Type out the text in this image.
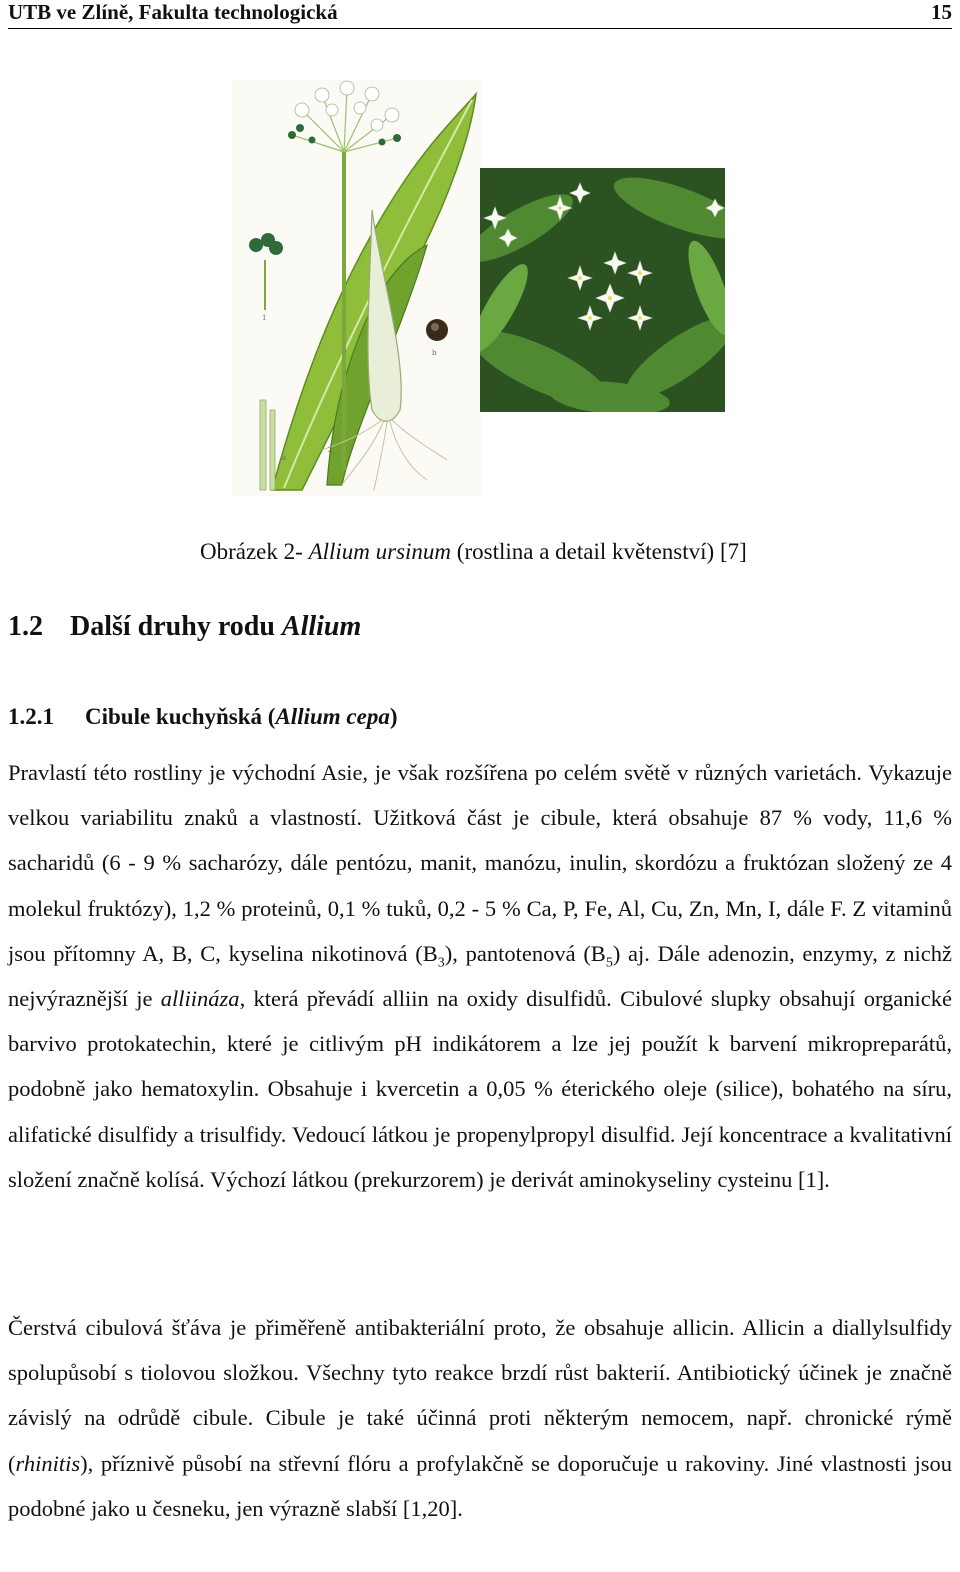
UTB ve Zlíně, Fakulta technologická	15
1
b
a
2
Obrázek 2- Allium ursinum (rostlina a detail květenství) [7]
1.2 Další druhy rodu Allium
1.2.1 Cibule kuchyňská (Allium cepa)
Pravlastí této rostliny je východní Asie, je však rozšířena po celém světě v různých varietách. Vykazuje velkou variabilitu znaků a vlastností. Užitková část je cibule, která obsahuje 87 % vody, 11,6 % sacharidů (6 - 9 % sacharózy, dále pentózu, manit, manózu, inulin, skordózu a fruktózan složený ze 4 molekul fruktózy), 1,2 % proteinů, 0,1 % tuků, 0,2 - 5 % Ca, P, Fe, Al, Cu, Zn, Mn, I, dále F. Z vitaminů jsou přítomny A, B, C, kyselina nikotinová $(B_3)$, pantotenová $(B_5)$ aj. Dále adenozin, enzymy, z nichž nejvýraznější je alliináza, která převádí alliin na oxidy disulfidů. Cibulové slupky obsahují organické barvivo protokatechin, které je citlivým pH indikátorem a lze jej použít k barvení mikropreparátů, podobně jako hematoxylin. Obsahuje i kvercetin a 0,05 % éterického oleje (silice), bohatého na síru, alifatické disulfidy a trisulfidy. Vedoucí látkou je propenylpropyl disulfid. Její koncentrace a kvalitativní složení značně kolísá. Výchozí látkou (prekurzorem) je derivát aminokyseliny cysteinu [1].
Čerstvá cibulová šťáva je přiměřeně antibakteriální proto, že obsahuje allicin. Allicin a diallylsulfidy spolupůsobí s tiolovou složkou. Všechny tyto reakce brzdí růst bakterií. Antibiotický účinek je značně závislý na odrůdě cibule. Cibule je také účinná proti některým nemocem, např. chronické rýmě (rhinitis), příznivě působí na střevní flóru a profylakčně se doporučuje u rakoviny. Jiné vlastnosti jsou podobné jako u česneku, jen výrazně slabší [1,20].
